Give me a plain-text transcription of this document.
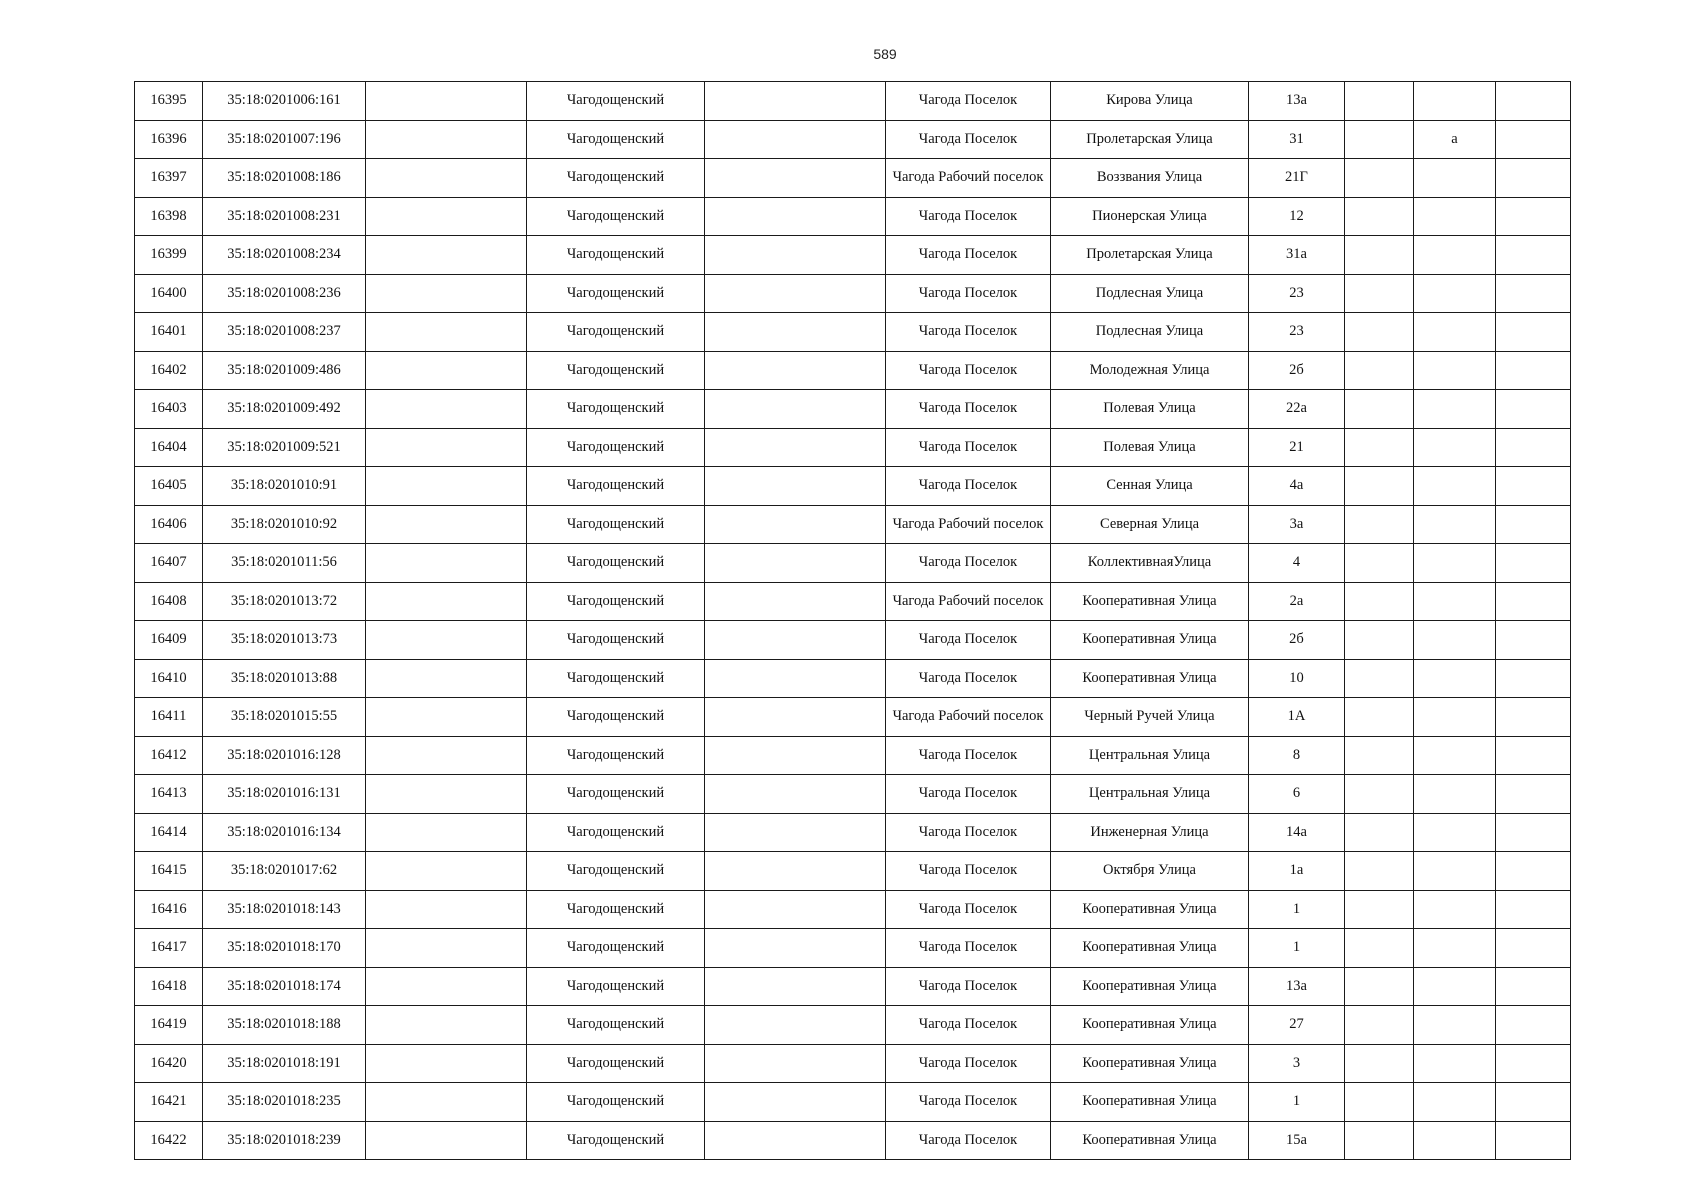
589
16395	35:18:0201006:161		Чагодощенский		Чагода Поселок	Кирова Улица	13а			
16396	35:18:0201007:196		Чагодощенский		Чагода Поселок	Пролетарская Улица	31		а	
16397	35:18:0201008:186		Чагодощенский		Чагода Рабочий поселок	Воззвания Улица	21Г			
16398	35:18:0201008:231		Чагодощенский		Чагода Поселок	Пионерская Улица	12			
16399	35:18:0201008:234		Чагодощенский		Чагода Поселок	Пролетарская Улица	31а			
16400	35:18:0201008:236		Чагодощенский		Чагода Поселок	Подлесная Улица	23			
16401	35:18:0201008:237		Чагодощенский		Чагода Поселок	Подлесная Улица	23			
16402	35:18:0201009:486		Чагодощенский		Чагода Поселок	Молодежная Улица	2б			
16403	35:18:0201009:492		Чагодощенский		Чагода Поселок	Полевая Улица	22а			
16404	35:18:0201009:521		Чагодощенский		Чагода Поселок	Полевая Улица	21			
16405	35:18:0201010:91		Чагодощенский		Чагода Поселок	Сенная Улица	4а			
16406	35:18:0201010:92		Чагодощенский		Чагода Рабочий поселок	Северная Улица	3а			
16407	35:18:0201011:56		Чагодощенский		Чагода Поселок	КоллективнаяУлица	4			
16408	35:18:0201013:72		Чагодощенский		Чагода Рабочий поселок	Кооперативная Улица	2а			
16409	35:18:0201013:73		Чагодощенский		Чагода Поселок	Кооперативная Улица	2б			
16410	35:18:0201013:88		Чагодощенский		Чагода Поселок	Кооперативная Улица	10			
16411	35:18:0201015:55		Чагодощенский		Чагода Рабочий поселок	Черный Ручей Улица	1А			
16412	35:18:0201016:128		Чагодощенский		Чагода Поселок	Центральная Улица	8			
16413	35:18:0201016:131		Чагодощенский		Чагода Поселок	Центральная Улица	6			
16414	35:18:0201016:134		Чагодощенский		Чагода Поселок	Инженерная Улица	14а			
16415	35:18:0201017:62		Чагодощенский		Чагода Поселок	Октября Улица	1а			
16416	35:18:0201018:143		Чагодощенский		Чагода Поселок	Кооперативная Улица	1			
16417	35:18:0201018:170		Чагодощенский		Чагода Поселок	Кооперативная Улица	1			
16418	35:18:0201018:174		Чагодощенский		Чагода Поселок	Кооперативная Улица	13а			
16419	35:18:0201018:188		Чагодощенский		Чагода Поселок	Кооперативная Улица	27			
16420	35:18:0201018:191		Чагодощенский		Чагода Поселок	Кооперативная Улица	3			
16421	35:18:0201018:235		Чагодощенский		Чагода Поселок	Кооперативная Улица	1			
16422	35:18:0201018:239		Чагодощенский		Чагода Поселок	Кооперативная Улица	15а			
